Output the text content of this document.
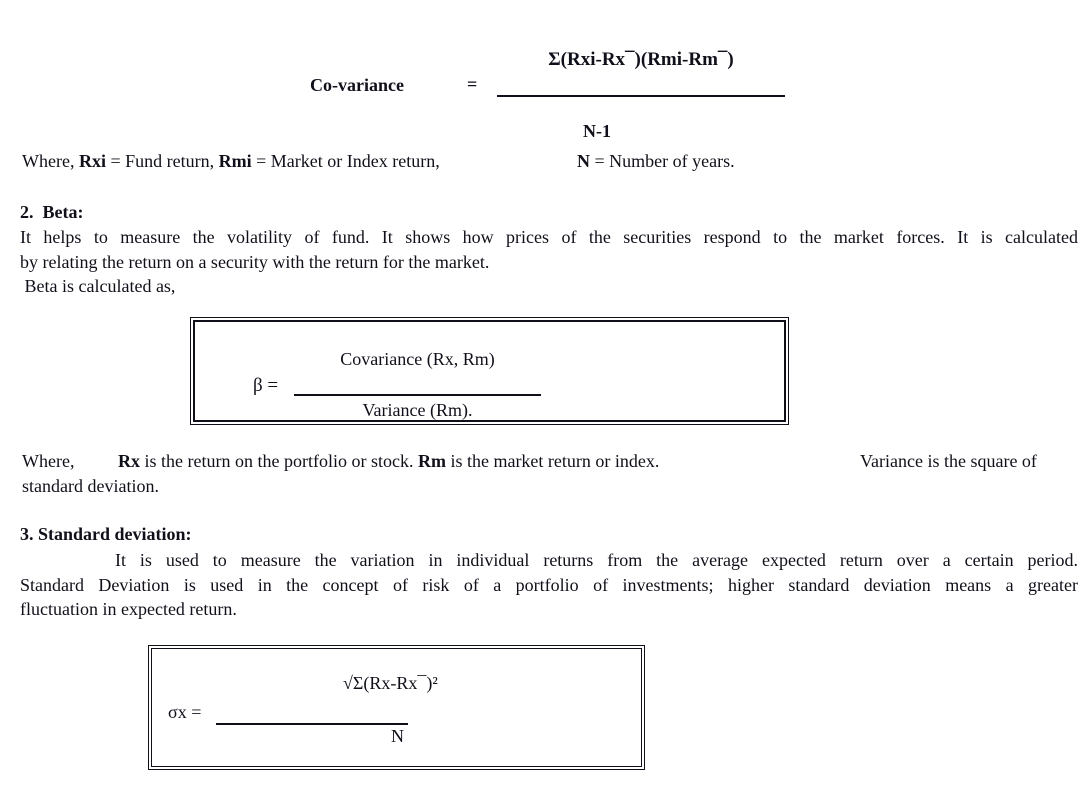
Co-variance	=
Σ(Rxi-Rx¯)(Rmi-Rm¯)
N-1
Where, Rxi = Fund return, Rmi = Market or Index return,	N = Number of years.
2.  Beta:
It helps to measure the volatility of fund. It shows how prices of the securities respond to the market forces. It is calculated
by relating the return on a security with the return for the market.
Beta is calculated as,
β =
Covariance (Rx, Rm)
Variance (Rm).
Where, Rx is the return on the portfolio or stock. Rm is the market return or index.	Variance is the square of
standard deviation.
3. Standard deviation:
It is used to measure the variation in individual returns from the average expected return over a certain period.
Standard Deviation is used in the concept of risk of a portfolio of investments; higher standard deviation means a greater
fluctuation in expected return.
√Σ(Rx-Rx¯)²
σx =
N
